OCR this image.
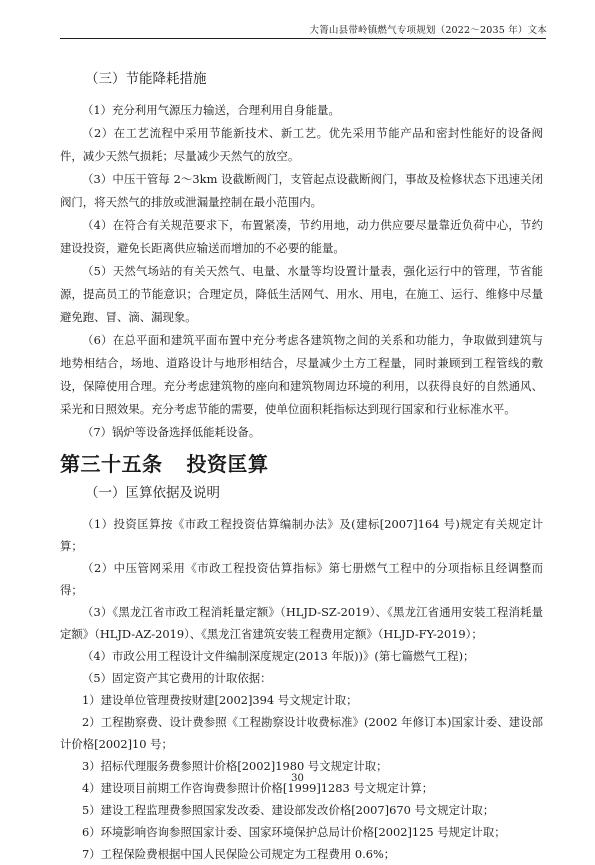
大箐山县带岭镇燃气专项规划（2022～2035 年）文本
（三）节能降耗措施

（1）充分利用气源压力输送，合理利用自身能量。

（2）在工艺流程中采用节能新技术、新工艺。优先采用节能产品和密封性能好的设备阀件，减少天然气损耗；尽量减少天然气的放空。

（3）中压干管每 2～3km 设截断阀门，支管起点设截断阀门，事故及检修状态下迅速关闭阀门，将天然气的排放或泄漏量控制在最小范围内。

（4）在符合有关规范要求下，布置紧凑，节约用地，动力供应要尽量靠近负荷中心，节约建设投资，避免长距离供应输送而增加的不必要的能量。

（5）天然气场站的有关天然气、电量、水量等均设置计量表，强化运行中的管理，节省能源，提高员工的节能意识；合理定员，降低生活网气、用水、用电，在施工、运行、维修中尽量避免跑、冒、滴、漏现象。

（6）在总平面和建筑平面布置中充分考虑各建筑物之间的关系和功能力，争取做到建筑与地势相结合，场地、道路设计与地形相结合，尽量减少土方工程量，同时兼顾到工程管线的敷设，保障使用合理。充分考虑建筑物的座向和建筑物周边环境的利用，以获得良好的自然通风、采光和日照效果。充分考虑节能的需要，使单位面积耗指标达到现行国家和行业标准水平。

（7）锅炉等设备选择低能耗设备。

第三十五条 投资匡算
（一）匡算依据及说明

（1）投资匡算按《市政工程投资估算编制办法》及(建标[2007]164 号)规定有关规定计算；

（2）中压管网采用《市政工程投资估算指标》第七册燃气工程中的分项指标且经调整而得；

（3）《黑龙江省市政工程消耗量定额》（HLJD-SZ-2019）、《黑龙江省通用安装工程消耗量定额》（HLJD-AZ-2019）、《黑龙江省建筑安装工程费用定额》（HLJD-FY-2019）；

（4）市政公用工程设计文件编制深度规定(2013 年版))》(第七篇燃气工程)；

（5）固定资产其它费用的计取依据：

1）建设单位管理费按财建[2002]394 号文规定计取；

2）工程勘察费、设计费参照《工程勘察设计收费标准》(2002 年修订本)国家计委、建设部计价格[2002]10 号；

3）招标代理服务费参照计价格[2002]1980 号文规定计取；

4）建设项目前期工作咨询费参照计价格[1999]1283 号文规定计算；

5）建设工程监理费参照国家发改委、建设部发改价格[2007]670 号文规定计取；

6）环境影响咨询参照国家计委、国家环境保护总局计价格[2002]125 号规定计取；

7）工程保险费根据中国人民保险公司规定为工程费用 0.6%；

30
